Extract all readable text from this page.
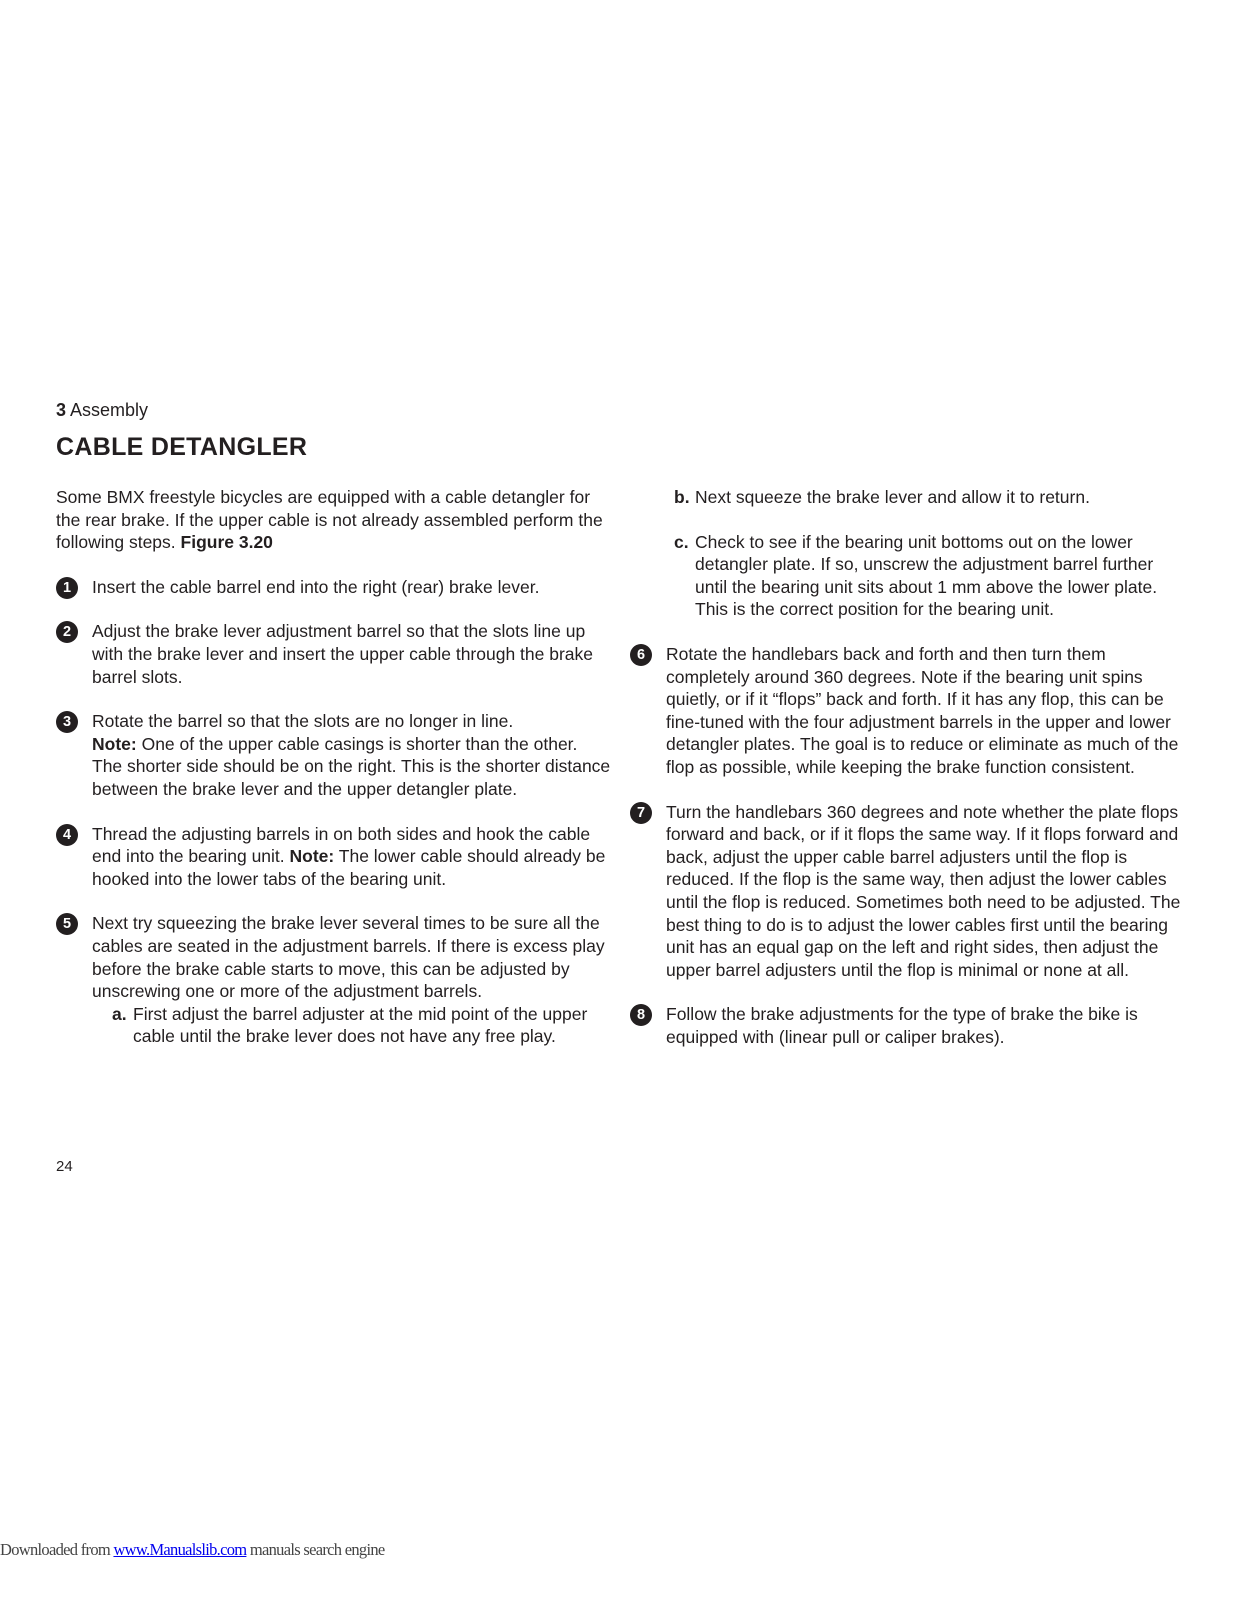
3 Assembly
CABLE DETANGLER

Some BMX freestyle bicycles are equipped with a cable detangler for the rear brake. If the upper cable is not already assembled perform the following steps. Figure 3.20

1	Insert the cable barrel end into the right (rear) brake lever.

2	Adjust the brake lever adjustment barrel so that the slots line up with the brake lever and insert the upper cable through the brake barrel slots.

3	Rotate the barrel so that the slots are no longer in line.
Note: One of the upper cable casings is shorter than the other. The shorter side should be on the right. This is the shorter distance between the brake lever and the upper detangler plate.

4	Thread the adjusting barrels in on both sides and hook the cable end into the bearing unit. Note: The lower cable should already be hooked into the lower tabs of the bearing unit.

5	Next try squeezing the brake lever several times to be sure all the cables are seated in the adjustment barrels. If there is excess play before the brake cable starts to move, this can be adjusted by unscrewing one or more of the adjustment barrels.

a. First adjust the barrel adjuster at the mid point of the upper cable until the brake lever does not have any free play.

b. Next squeeze the brake lever and allow it to return.

c. Check to see if the bearing unit bottoms out on the lower detangler plate. If so, unscrew the adjustment barrel further until the bearing unit sits about 1 mm above the lower plate. This is the correct position for the bearing unit.

6	Rotate the handlebars back and forth and then turn them completely around 360 degrees. Note if the bearing unit spins quietly, or if it “flops” back and forth. If it has any flop, this can be fine-tuned with the four adjustment barrels in the upper and lower detangler plates. The goal is to reduce or eliminate as much of the flop as possible, while keeping the brake function consistent.

7	Turn the handlebars 360 degrees and note whether the plate flops forward and back, or if it flops the same way. If it flops forward and back, adjust the upper cable barrel adjusters until the flop is reduced. If the flop is the same way, then adjust the lower cables until the flop is reduced. Sometimes both need to be adjusted. The best thing to do is to adjust the lower cables first until the bearing unit has an equal gap on the left and right sides, then adjust the upper barrel adjusters until the flop is minimal or none at all.

8	Follow the brake adjustments for the type of brake the bike is equipped with (linear pull or caliper brakes).

24
Downloaded from www.Manualslib.com manuals search engine
